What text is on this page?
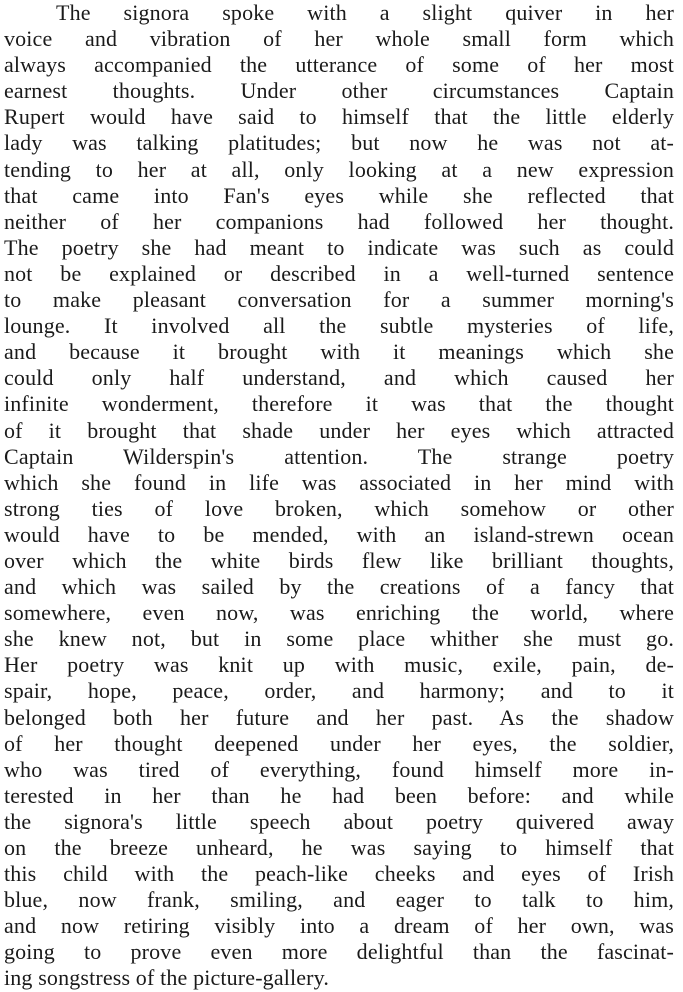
The signora spoke with a slight quiver in her
voice and vibration of her whole small form which
always accompanied the utterance of some of her most
earnest thoughts. Under other circumstances Captain
Rupert would have said to himself that the little elderly
lady was talking platitudes; but now he was not at-
tending to her at all, only looking at a new expression
that came into Fan's eyes while she reflected that
neither of her companions had followed her thought.
The poetry she had meant to indicate was such as could
not be explained or described in a well-turned sentence
to make pleasant conversation for a summer morning's
lounge. It involved all the subtle mysteries of life,
and because it brought with it meanings which she
could only half understand, and which caused her
infinite wonderment, therefore it was that the thought
of it brought that shade under her eyes which attracted
Captain Wilderspin's attention. The strange poetry
which she found in life was associated in her mind with
strong ties of love broken, which somehow or other
would have to be mended, with an island-strewn ocean
over which the white birds flew like brilliant thoughts,
and which was sailed by the creations of a fancy that
somewhere, even now, was enriching the world, where
she knew not, but in some place whither she must go.
Her poetry was knit up with music, exile, pain, de-
spair, hope, peace, order, and harmony; and to it
belonged both her future and her past. As the shadow
of her thought deepened under her eyes, the soldier,
who was tired of everything, found himself more in-
terested in her than he had been before: and while
the signora's little speech about poetry quivered away
on the breeze unheard, he was saying to himself that
this child with the peach-like cheeks and eyes of Irish
blue, now frank, smiling, and eager to talk to him,
and now retiring visibly into a dream of her own, was
going to prove even more delightful than the fascinat-
ing songstress of the picture-gallery.
